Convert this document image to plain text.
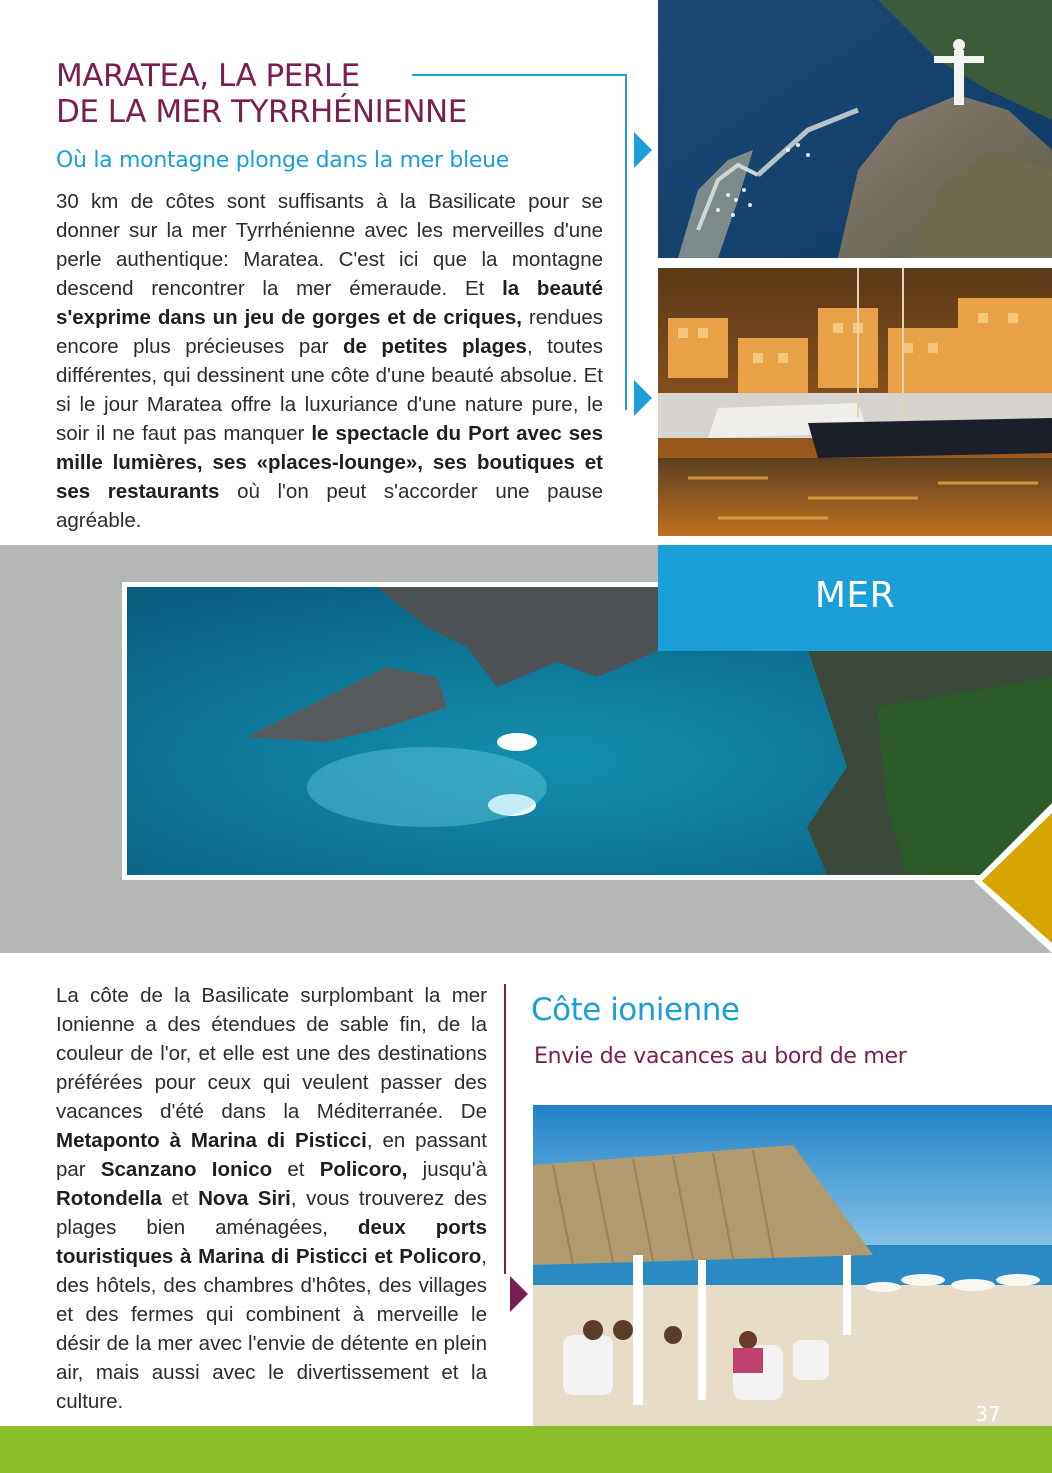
MARATEA, LA PERLE
DE LA MER TYRRHÉNIENNE
Où la montagne plonge dans la mer bleue

30 km de côtes sont suffisants à la Basilicate pour se donner sur la mer Tyrrhénienne avec les merveilles d'une perle authentique: Maratea. C'est ici que la montagne descend rencontrer la mer émeraude. Et la beauté s'exprime dans un jeu de gorges et de criques, rendues encore plus précieuses par de petites plages, toutes différentes, qui dessinent une côte d'une beauté absolue. Et si le jour Maratea offre la luxuriance d'une nature pure, le soir il ne faut pas manquer le spectacle du Port avec ses mille lumières, ses «places-lounge», ses boutiques et ses restaurants où l'on peut s'accorder une pause agréable.

MER

La côte de la Basilicate surplombant la mer Ionienne a des étendues de sable fin, de la couleur de l'or, et elle est une des destinations préférées pour ceux qui veulent passer des vacances d'été dans la Méditerranée. De Metaponto à Marina di Pisticci, en passant par Scanzano Ionico et Policoro, jusqu'à Rotondella et Nova Siri, vous trouverez des plages bien aménagées, deux ports touristiques à Marina di Pisticci et Policoro, des hôtels, des chambres d'hôtes, des villages et des fermes qui combinent à merveille le désir de la mer avec l'envie de détente en plein air, mais aussi avec le divertissement et la culture.

Côte ionienne
Envie de vacances au bord de mer
37
